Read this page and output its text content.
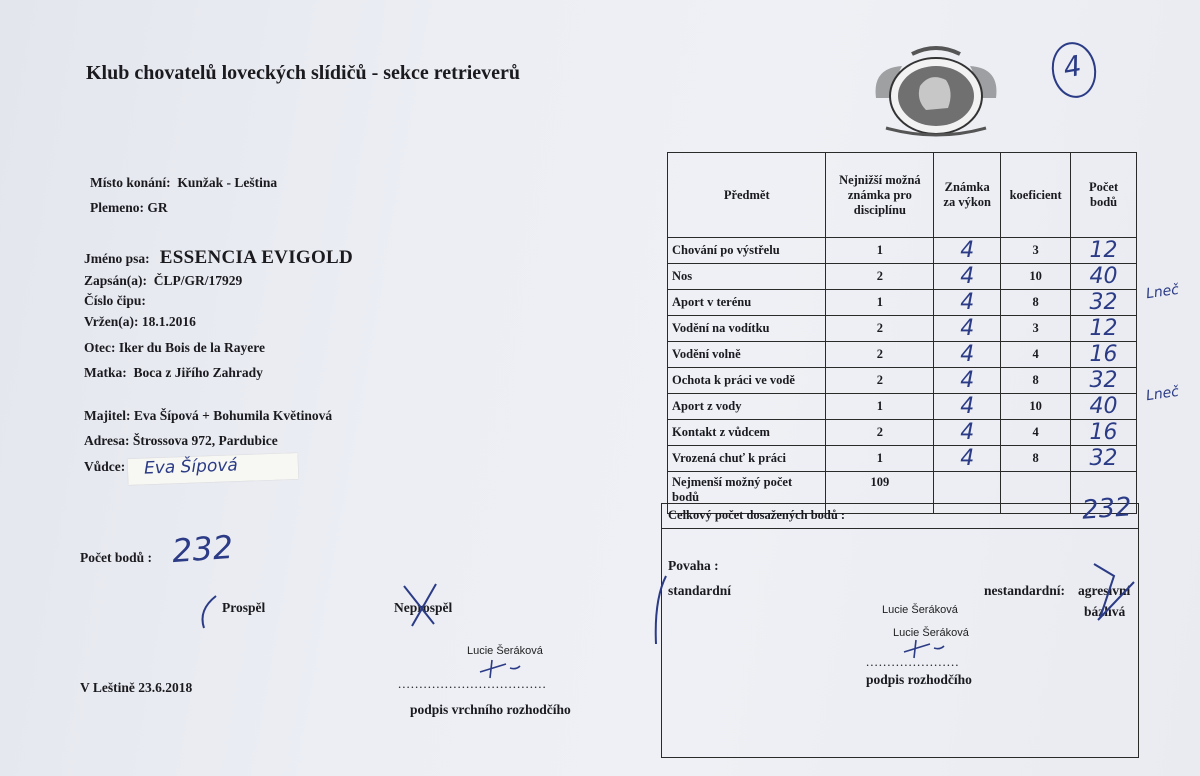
Klub chovatelů loveckých slídičů - sekce retrieverů	4
Místo konání: Kunžak - Leština
Plemeno: GR
Jméno psa: ESSENCIA EVIGOLD
Zapsán(a): ČLP/GR/17929
Číslo čipu:
Vržen(a): 18.1.2016
Otec: Iker du Bois de la Rayere
Matka: Boca z Jiřího Zahrady
Majitel: Eva Šípová + Bohumila Květinová
Adresa: Štrossova 972, Pardubice
Vůdce: Eva Šípová
Počet bodů : 232
Prospěl	Neprospěl
Lucie Šeráková
...................................
V Leštině 23.6.2018
podpis vrchního rozhodčího
Předmět	Nejnižší možná známka pro disciplínu	Známka za výkon	koeficient	Počet bodů
Chování po výstřelu	1	4	3	12
Nos	2	4	10	40
Aport v terénu	1	4	8	32
Vodění na vodítku	2	4	3	12
Vodění volně	2	4	4	16
Ochota k práci ve vodě	2	4	8	32
Aport z vody	1	4	10	40
Kontakt z vůdcem	2	4	4	16
Vrozená chuť k práci	1	4	8	32
Nejmenší možný počet bodů	109			
Lneč
Lneč
Celkový počet dosažených bodů :	232
Povaha :
standardní	nestandardní: agresivní
bázlivá
Lucie Šeráková
Lucie Šeráková
......................
podpis rozhodčího
